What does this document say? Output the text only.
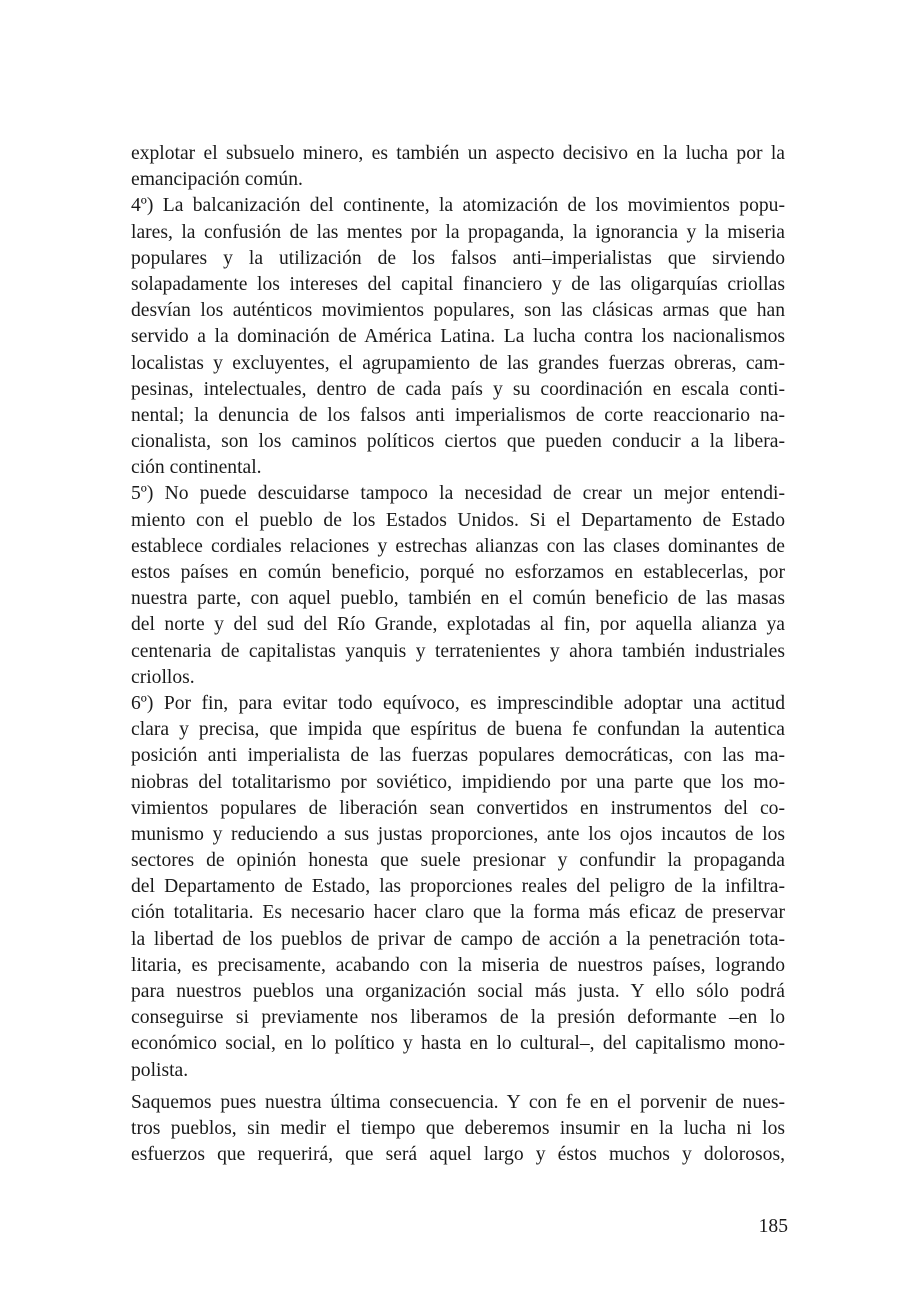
explotar el subsuelo minero, es también un aspecto decisivo en la lucha por la
emancipación común.
4º) La balcanización del continente, la atomización de los movimientos popu-
lares, la confusión de las mentes por la propaganda, la ignorancia y la miseria
populares y la utilización de los falsos anti–imperialistas que sirviendo
solapadamente los intereses del capital financiero y de las oligarquías criollas
desvían los auténticos movimientos populares, son las clásicas armas que han
servido a la dominación de América Latina. La lucha contra los nacionalismos
localistas y excluyentes, el agrupamiento de las grandes fuerzas obreras, cam-
pesinas, intelectuales, dentro de cada país y su coordinación en escala conti-
nental; la denuncia de los falsos anti imperialismos de corte reaccionario na-
cionalista, son los caminos políticos ciertos que pueden conducir a la libera-
ción continental.
5º) No puede descuidarse tampoco la necesidad de crear un mejor entendi-
miento con el pueblo de los Estados Unidos. Si el Departamento de Estado
establece cordiales relaciones y estrechas alianzas con las clases dominantes de
estos países en común beneficio, porqué no esforzamos en establecerlas, por
nuestra parte, con aquel pueblo, también en el común beneficio de las masas
del norte y del sud del Río Grande, explotadas al fin, por aquella alianza ya
centenaria de capitalistas yanquis y terratenientes y ahora también industriales
criollos.
6º) Por fin, para evitar todo equívoco, es imprescindible adoptar una actitud
clara y precisa, que impida que espíritus de buena fe confundan la autentica
posición anti imperialista de las fuerzas populares democráticas, con las ma-
niobras del totalitarismo por soviético, impidiendo por una parte que los mo-
vimientos populares de liberación sean convertidos en instrumentos del co-
munismo y reduciendo a sus justas proporciones, ante los ojos incautos de los
sectores de opinión honesta que suele presionar y confundir la propaganda
del Departamento de Estado, las proporciones reales del peligro de la infiltra-
ción totalitaria. Es necesario hacer claro que la forma más eficaz de preservar
la libertad de los pueblos de privar de campo de acción a la penetración tota-
litaria, es precisamente, acabando con la miseria de nuestros países, logrando
para nuestros pueblos una organización social más justa. Y ello sólo podrá
conseguirse si previamente nos liberamos de la presión deformante –en lo
económico social, en lo político y hasta en lo cultural–, del capitalismo mono-
polista.
Saquemos pues nuestra última consecuencia. Y con fe en el porvenir de nues-
tros pueblos, sin medir el tiempo que deberemos insumir en la lucha ni los
esfuerzos que requerirá, que será aquel largo y éstos muchos y dolorosos,
185
